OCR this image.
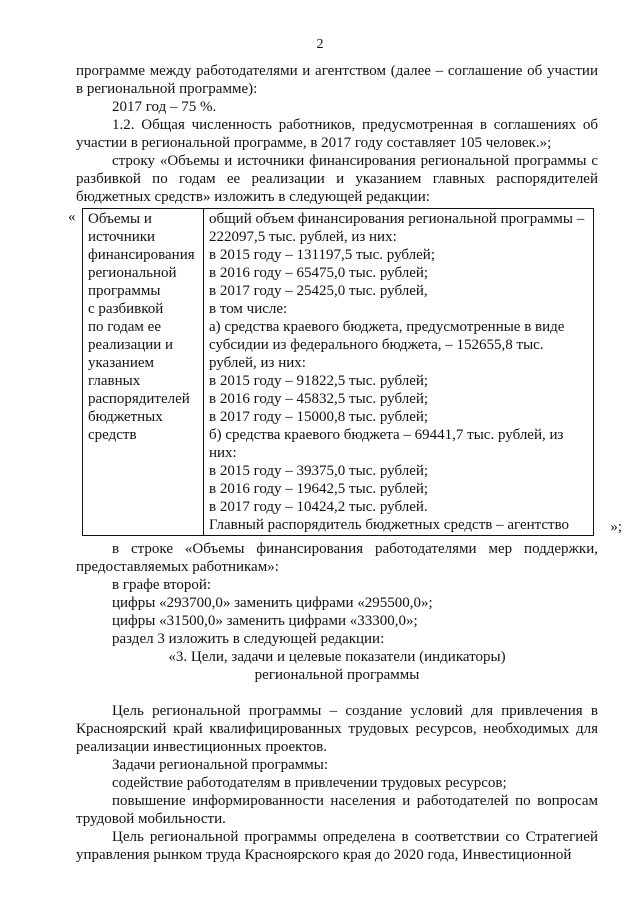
2

программе между работодателями и агентством (далее – соглашение об участии в региональной программе):

2017 год – 75 %.

1.2. Общая численность работников, предусмотренная в соглашениях об участии в региональной программе, в 2017 году составляет 105 человек.»;

строку «Объемы и источники финансирования региональной программы с разбивкой по годам ее реализации и указанием главных распорядителей бюджетных средств» изложить в следующей редакции:

« Объемы и
источники
финансирования
региональной
программы
с разбивкой
по годам ее
реализации и
указанием
главных
распорядителей
бюджетных
средств

общий объем финансирования региональной программы –
222097,5 тыс. рублей, из них:
в 2015 году – 131197,5 тыс. рублей;
в 2016 году – 65475,0 тыс. рублей;
в 2017 году – 25425,0 тыс. рублей,
в том числе:
а) средства краевого бюджета, предусмотренные в виде
субсидии из федерального бюджета, – 152655,8 тыс.
рублей, из них:
в 2015 году – 91822,5 тыс. рублей;
в 2016 году – 45832,5 тыс. рублей;
в 2017 году – 15000,8 тыс. рублей;
б) средства краевого бюджета – 69441,7 тыс. рублей, из
них:
в 2015 году – 39375,0 тыс. рублей;
в 2016 году – 19642,5 тыс. рублей;
в 2017 году – 10424,2 тыс. рублей.
Главный распорядитель бюджетных средств – агентство	»;

в строке «Объемы финансирования работодателями мер поддержки, предоставляемых работникам»:

в графе второй:

цифры «293700,0» заменить цифрами «295500,0»;

цифры «31500,0» заменить цифрами «33300,0»;

раздел 3 изложить в следующей редакции:

«3. Цели, задачи и целевые показатели (индикаторы)

региональной программы

Цель региональной программы – создание условий для привлечения в Красноярский край квалифицированных трудовых ресурсов, необходимых для реализации инвестиционных проектов.

Задачи региональной программы:

содействие работодателям в привлечении трудовых ресурсов;

повышение информированности населения и работодателей по вопросам трудовой мобильности.

Цель региональной программы определена в соответствии со Стратегией управления рынком труда Красноярского края до 2020 года, Инвестиционной
